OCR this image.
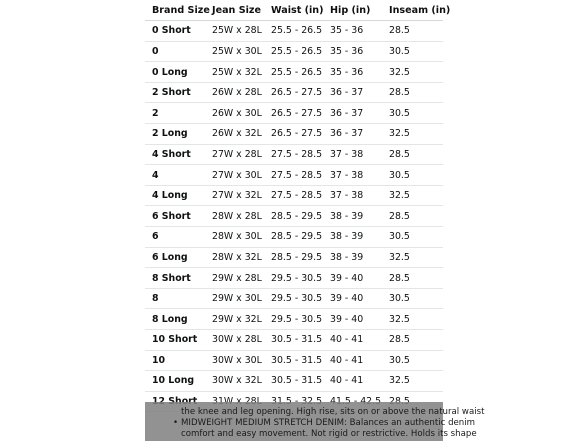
Brand Size	Jean Size	Waist (in)	Hip (in)	Inseam (in)
0 Short	25W x 28L	25.5 - 26.5	35 - 36	28.5
0	25W x 30L	25.5 - 26.5	35 - 36	30.5
0 Long	25W x 32L	25.5 - 26.5	35 - 36	32.5
2 Short	26W x 28L	26.5 - 27.5	36 - 37	28.5
2	26W x 30L	26.5 - 27.5	36 - 37	30.5
2 Long	26W x 32L	26.5 - 27.5	36 - 37	32.5
4 Short	27W x 28L	27.5 - 28.5	37 - 38	28.5
4	27W x 30L	27.5 - 28.5	37 - 38	30.5
4 Long	27W x 32L	27.5 - 28.5	37 - 38	32.5
6 Short	28W x 28L	28.5 - 29.5	38 - 39	28.5
6	28W x 30L	28.5 - 29.5	38 - 39	30.5
6 Long	28W x 32L	28.5 - 29.5	38 - 39	32.5
8 Short	29W x 28L	29.5 - 30.5	39 - 40	28.5
8	29W x 30L	29.5 - 30.5	39 - 40	30.5
8 Long	29W x 32L	29.5 - 30.5	39 - 40	32.5
10 Short	30W x 28L	30.5 - 31.5	40 - 41	28.5
10	30W x 30L	30.5 - 31.5	40 - 41	30.5
10 Long	30W x 32L	30.5 - 31.5	40 - 41	32.5

the knee and leg opening. High rise, sits on or above the natural waist
• MIDWEIGHT MEDIUM STRETCH DENIM: Balances an authentic denim
comfort and easy movement. Not rigid or restrictive. Holds its shape
